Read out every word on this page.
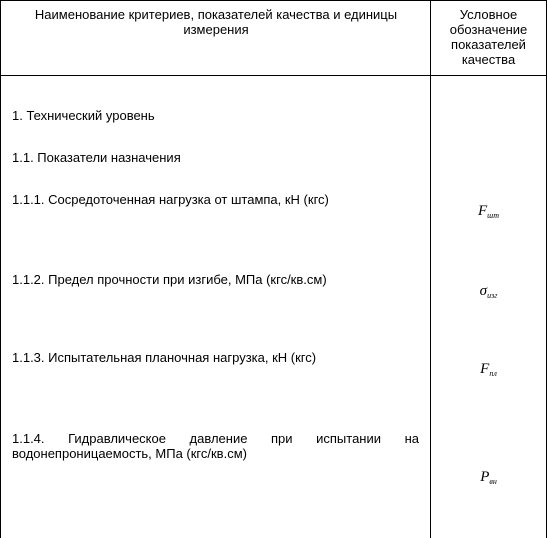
Наименование критериев, показателей качества и единицы измерения
Условное
обозначение
показателей
качества
1. Технический уровень
1.1. Показатели назначения
1.1.1. Сосредоточенная нагрузка от штампа, кН (кгс)
$F_{шт}$
1.1.2. Предел прочности при изгибе, МПа (кгс/кв.см)
$\sigma_{изг}$
1.1.3. Испытательная планочная нагрузка, кН (кгс)
$F_{пл}$
1.1.4. Гидравлическое давление при испытании на
водонепроницаемость, МПа (кгс/кв.см)
$P_{вн}$
